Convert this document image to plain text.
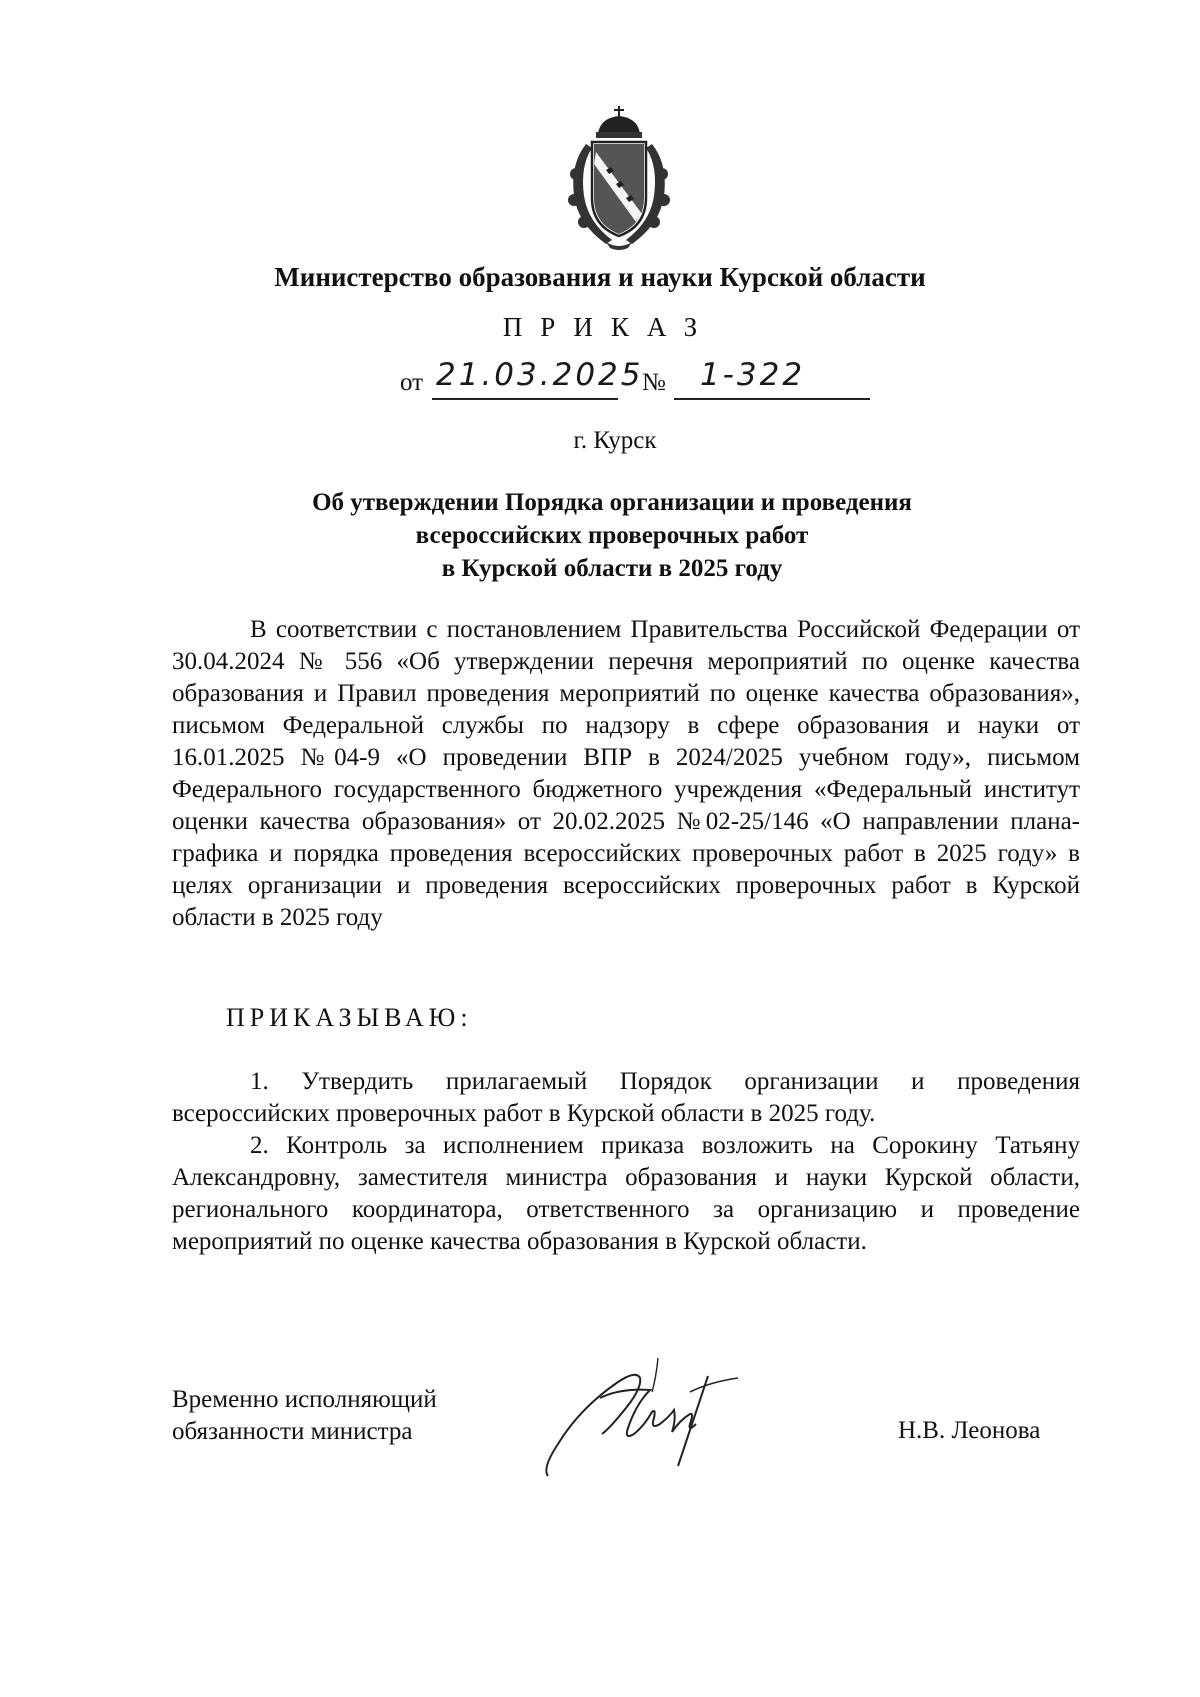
Министерство образования и науки Курской области
ПРИКАЗ
от 21.03.2025
№ 1-322
г. Курск
Об утверждении Порядка организации и проведения
всероссийских проверочных работ
в Курской области в 2025 году
В соответствии с постановлением Правительства Российской Федерации от 30.04.2024 № 556 «Об утверждении перечня мероприятий по оценке качества образования и Правил проведения мероприятий по оценке качества образования», письмом Федеральной службы по надзору в сфере образования и науки от 16.01.2025 №04-9 «О проведении ВПР в 2024/2025 учебном году», письмом Федерального государственного бюджетного учреждения «Федеральный институт оценки качества образования» от 20.02.2025 №02-25/146 «О направлении плана-графика и порядка проведения всероссийских проверочных работ в 2025 году» в целях организации и проведения всероссийских проверочных работ в Курской области в 2025 году
ПРИКАЗЫВАЮ:

1. Утвердить прилагаемый Порядок организации и проведения всероссийских проверочных работ в Курской области в 2025 году.

2. Контроль за исполнением приказа возложить на Сорокину Татьяну Александровну, заместителя министра образования и науки Курской области, регионального координатора, ответственного за организацию и проведение мероприятий по оценке качества образования в Курской области.

Временно исполняющий
обязанности министра	Н.В. Леонова
